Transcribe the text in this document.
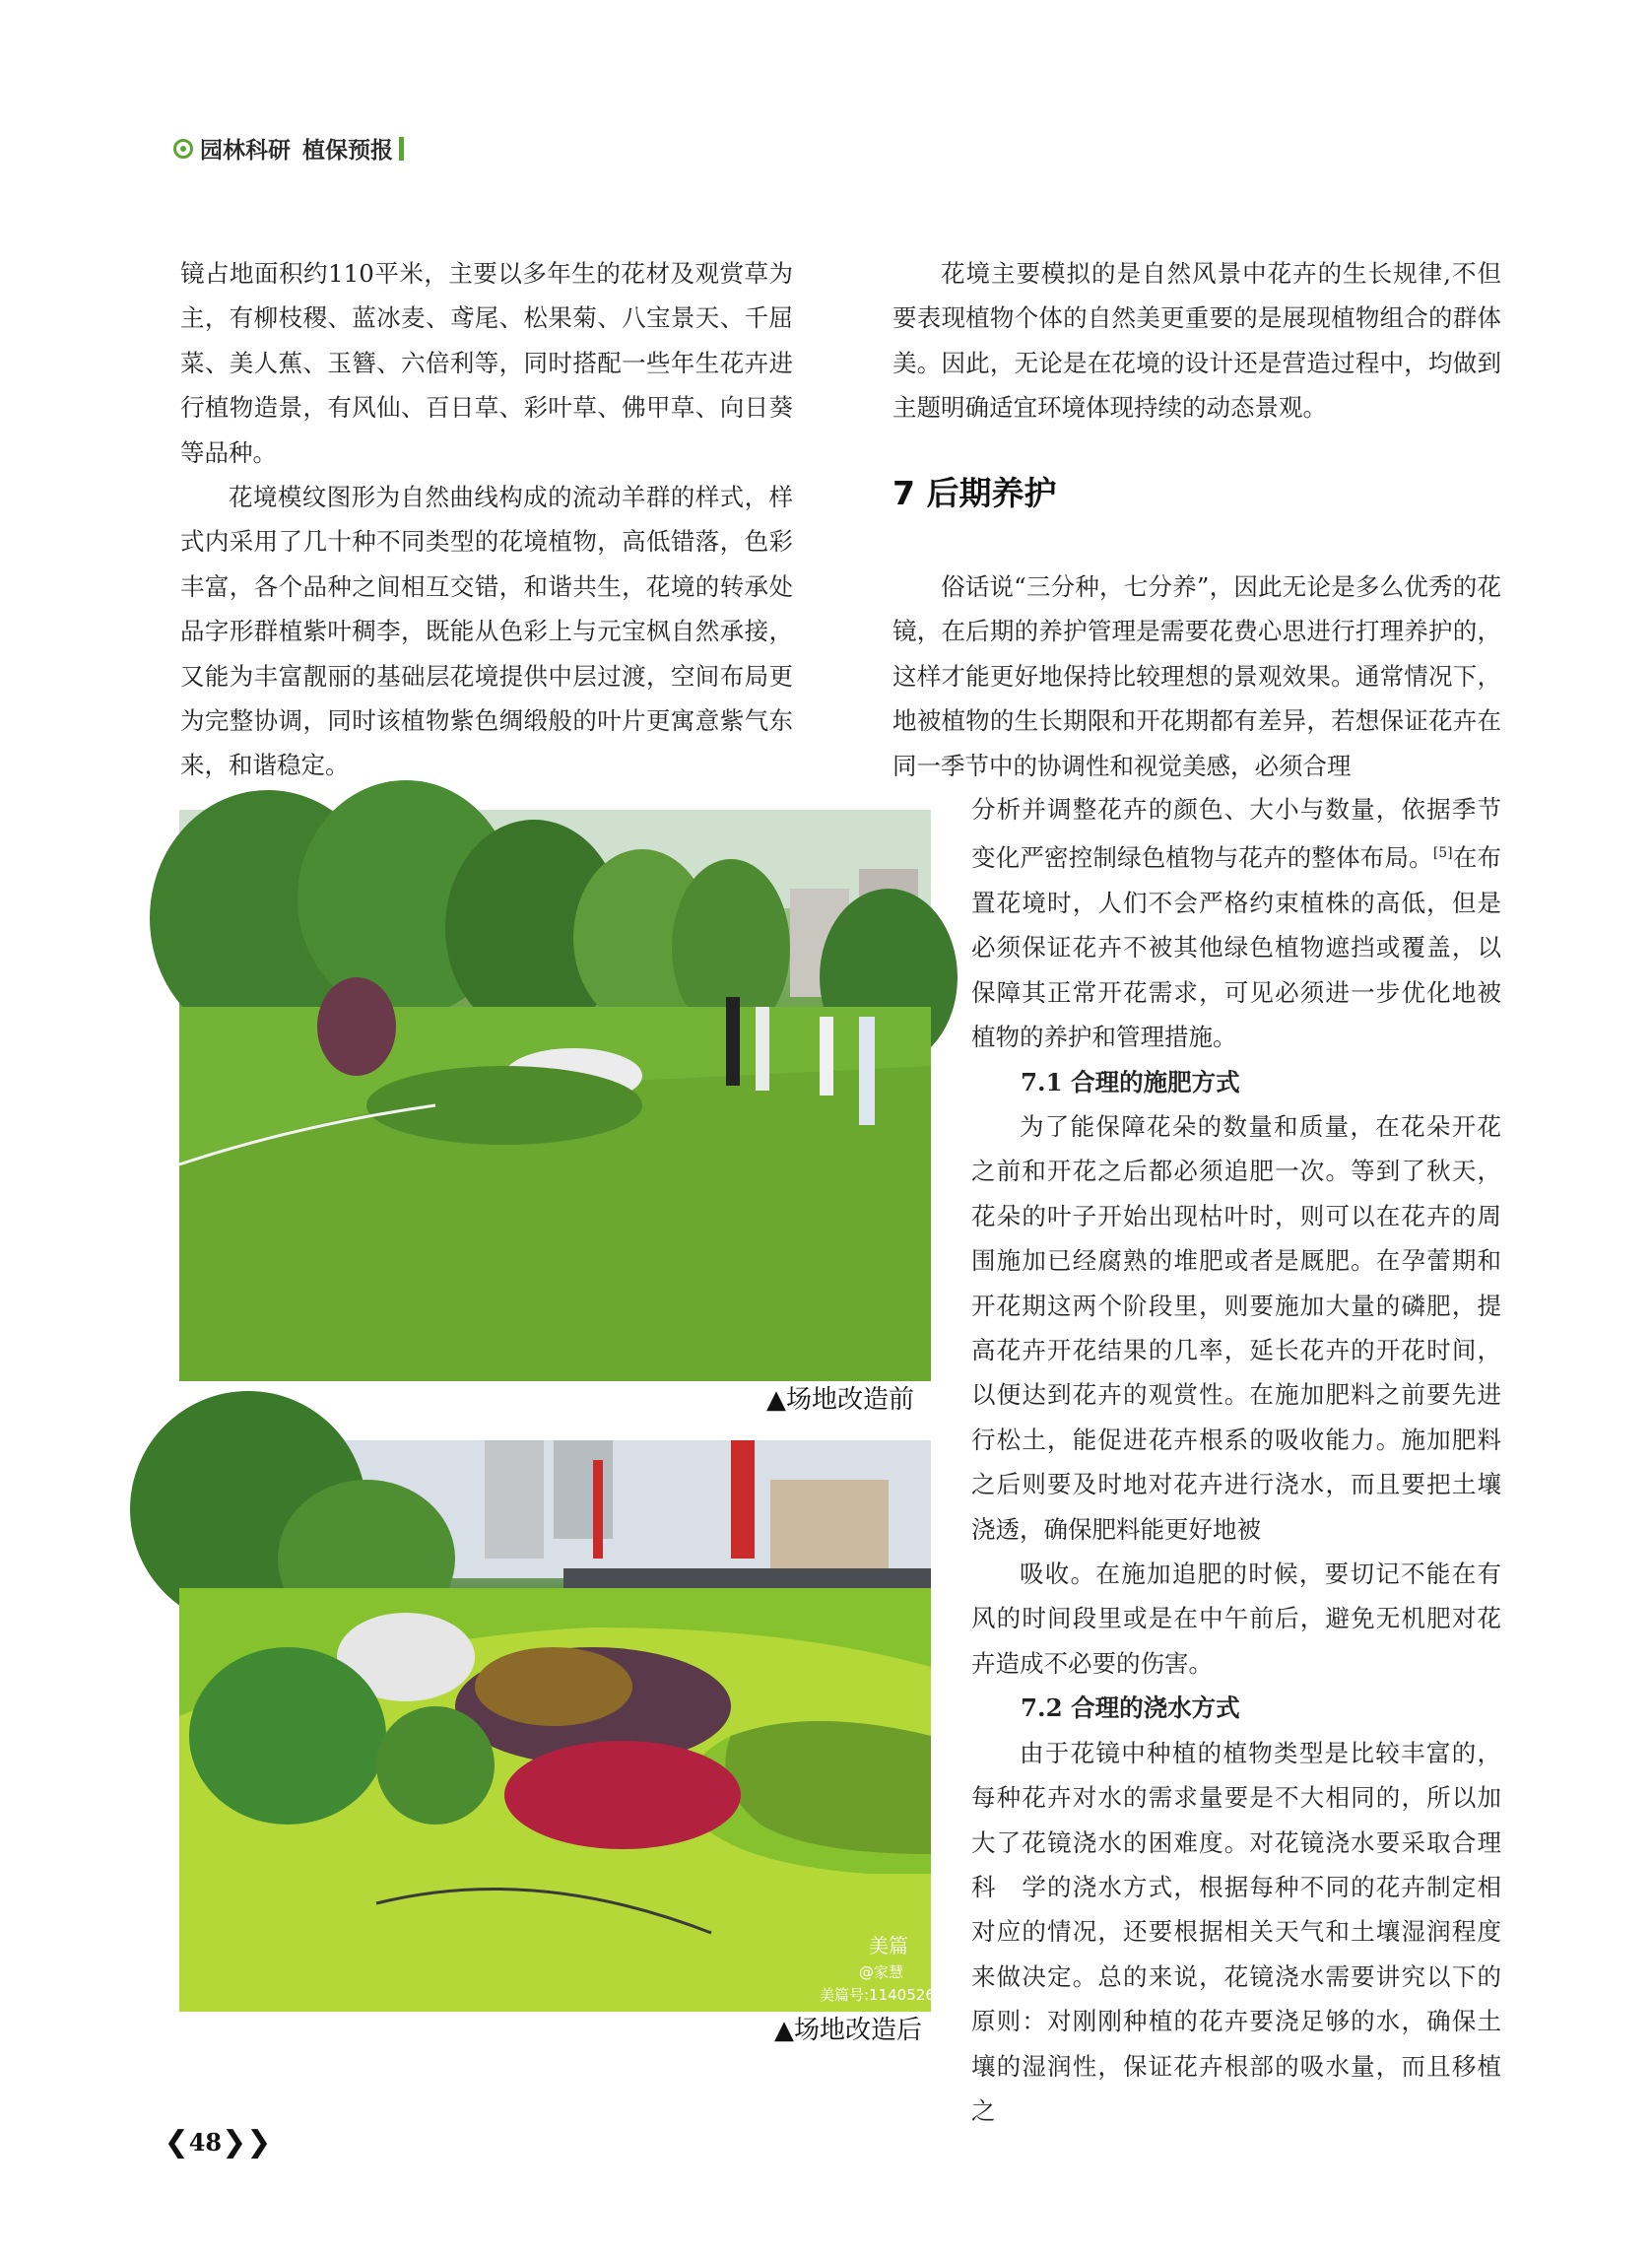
园林科研 植保预报

镜占地面积约110平米，主要以多年生的花材及观赏草为主，有柳枝稷、蓝冰麦、鸢尾、松果菊、八宝景天、千屈菜、美人蕉、玉簪、六倍利等，同时搭配一些年生花卉进行植物造景，有风仙、百日草、彩叶草、佛甲草、向日葵等品种。

花境模纹图形为自然曲线构成的流动羊群的样式，样式内采用了几十种不同类型的花境植物，高低错落，色彩丰富，各个品种之间相互交错，和谐共生，花境的转承处品字形群植紫叶稠李，既能从色彩上与元宝枫自然承接，又能为丰富靓丽的基础层花境提供中层过渡，空间布局更为完整协调，同时该植物紫色绸缎般的叶片更寓意紫气东来，和谐稳定。

▲场地改造前
美篇
@家慧
美篇号:11405268
▲场地改造后

花境主要模拟的是自然风景中花卉的生长规律,不但要表现植物个体的自然美更重要的是展现植物组合的群体美。因此，无论是在花境的设计还是营造过程中，均做到主题明确适宜环境体现持续的动态景观。

7 后期养护

俗话说“三分种，七分养”，因此无论是多么优秀的花镜，在后期的养护管理是需要花费心思进行打理养护的，这样才能更好地保持比较理想的景观效果。通常情况下，地被植物的生长期限和开花期都有差异，若想保证花卉在同一季节中的协调性和视觉美感，必须合理

分析并调整花卉的颜色、大小与数量，依据季节变化严密控制绿色植物与花卉的整体布局。[5]在布置花境时，人们不会严格约束植株的高低，但是必须保证花卉不被其他绿色植物遮挡或覆盖，以保障其正常开花需求，可见必须进一步优化地被植物的养护和管理措施。

7.1 合理的施肥方式

为了能保障花朵的数量和质量，在花朵开花之前和开花之后都必须追肥一次。等到了秋天，花朵的叶子开始出现枯叶时，则可以在花卉的周围施加已经腐熟的堆肥或者是厩肥。在孕蕾期和开花期这两个阶段里，则要施加大量的磷肥，提高花卉开花结果的几率，延长花卉的开花时间，以便达到花卉的观赏性。在施加肥料之前要先进行松土，能促进花卉根系的吸收能力。施加肥料之后则要及时地对花卉进行浇水，而且要把土壤浇透，确保肥料能更好地被

吸收。在施加追肥的时候，要切记不能在有风的时间段里或是在中午前后，避免无机肥对花卉造成不必要的伤害。

7.2 合理的浇水方式

由于花镜中种植的植物类型是比较丰富的，每种花卉对水的需求量要是不大相同的，所以加大了花镜浇水的困难度。对花镜浇水要采取合理科　学的浇水方式，根据每种不同的花卉制定相对应的情况，还要根据相关天气和土壤湿润程度来做决定。总的来说，花镜浇水需要讲究以下的原则：对刚刚种植的花卉要浇足够的水，确保土壤的湿润性，保证花卉根部的吸水量，而且移植之

❮ 48 ❯❯
